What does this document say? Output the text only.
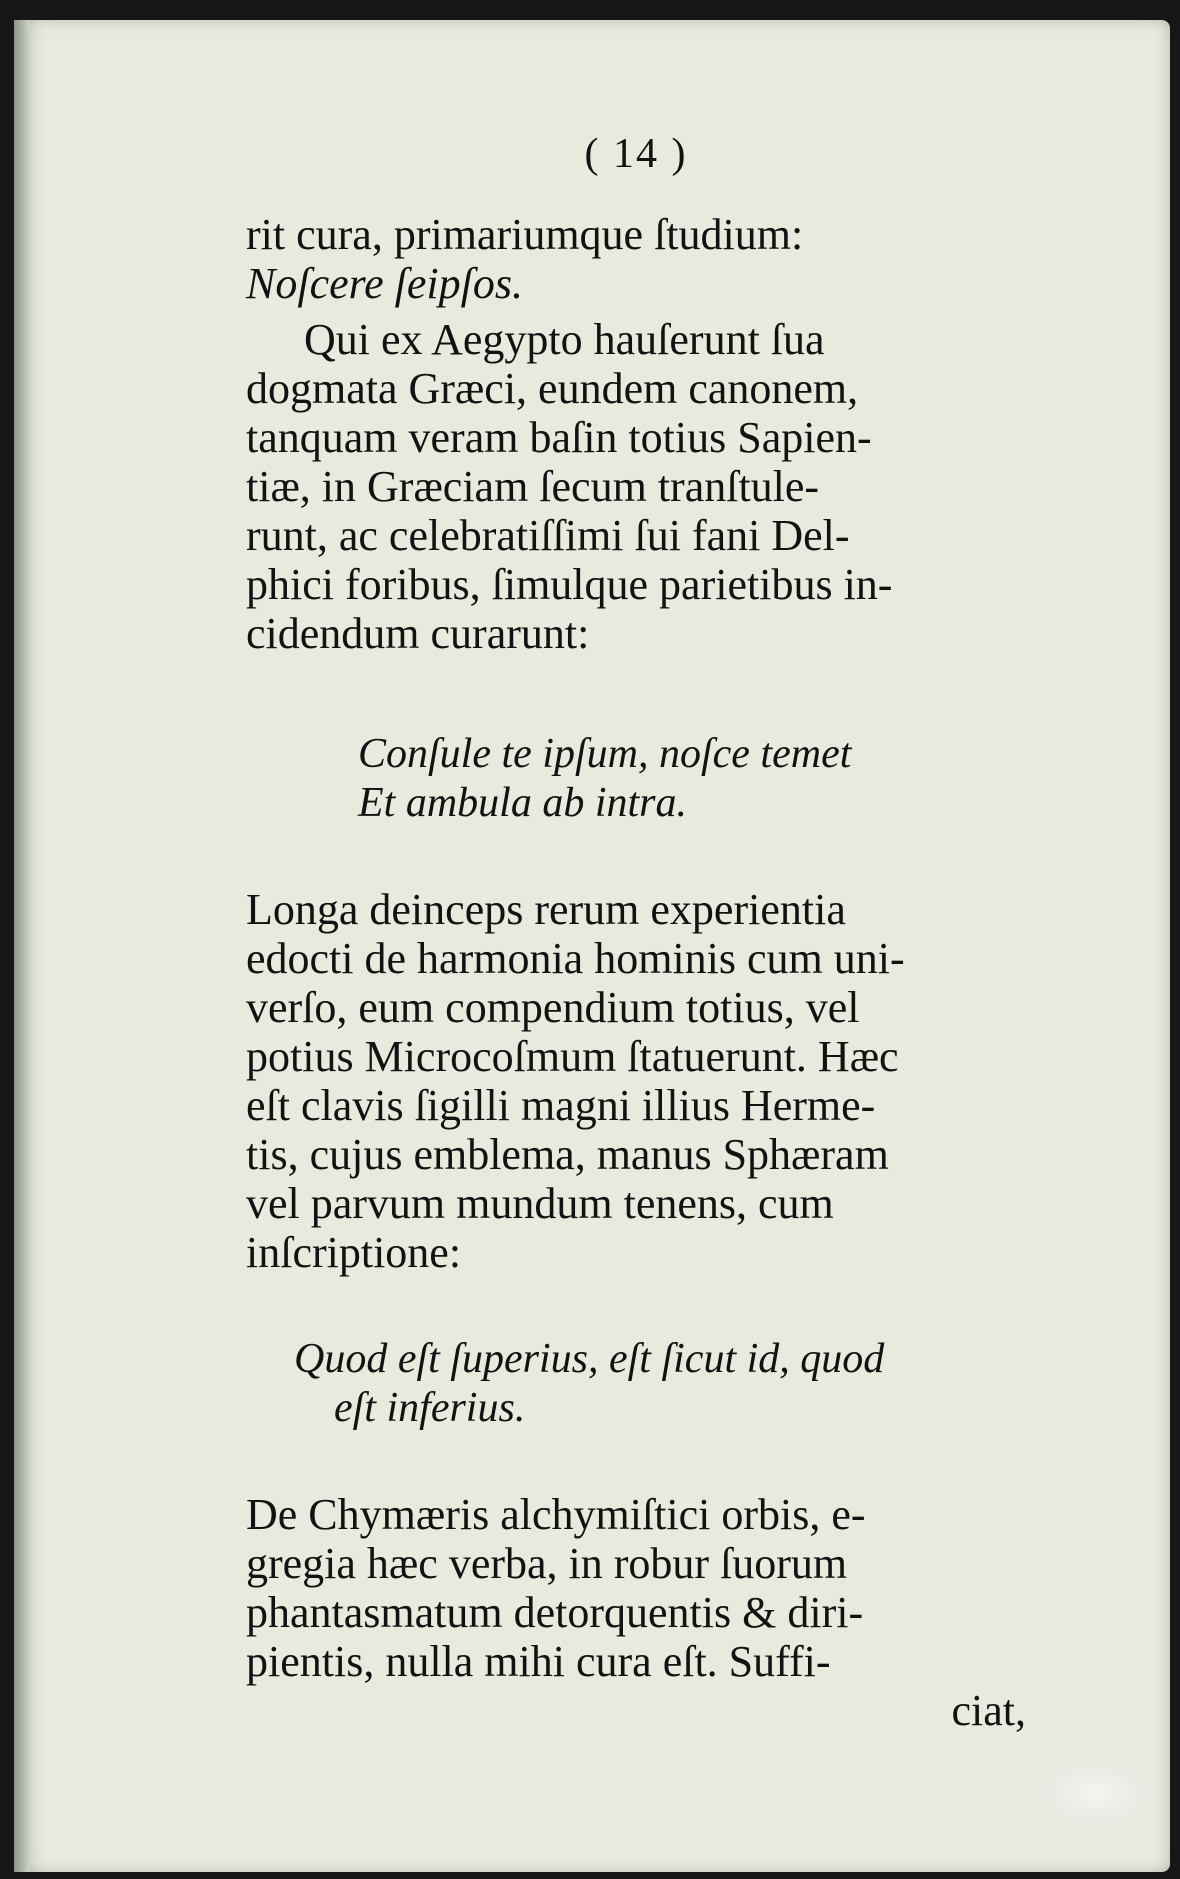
( 14 )
rit cura, primariumque ſtudium:
Noſcere ſeipſos.
Qui ex Aegypto hauſerunt ſua
dogmata Græci, eundem canonem,
tanquam veram baſin totius Sapien-
tiæ, in Græciam ſecum tranſtule-
runt, ac celebratiſſimi ſui fani Del-
phici foribus, ſimulque parietibus in-
cidendum curarunt:
Conſule te ipſum, noſce temet
Et ambula ab intra.
Longa deinceps rerum experientia
edocti de harmonia hominis cum uni-
verſo, eum compendium totius, vel
potius Microcoſmum ſtatuerunt. Hæc
eſt clavis ſigilli magni illius Herme-
tis, cujus emblema, manus Sphæram
vel parvum mundum tenens, cum
inſcriptione:
Quod eſt ſuperius, eſt ſicut id, quod
eſt inferius.
De Chymæris alchymiſtici orbis, e-
gregia hæc verba, in robur ſuorum
phantasmatum detorquentis & diri-
pientis, nulla mihi cura eſt. Suffi-
ciat,
